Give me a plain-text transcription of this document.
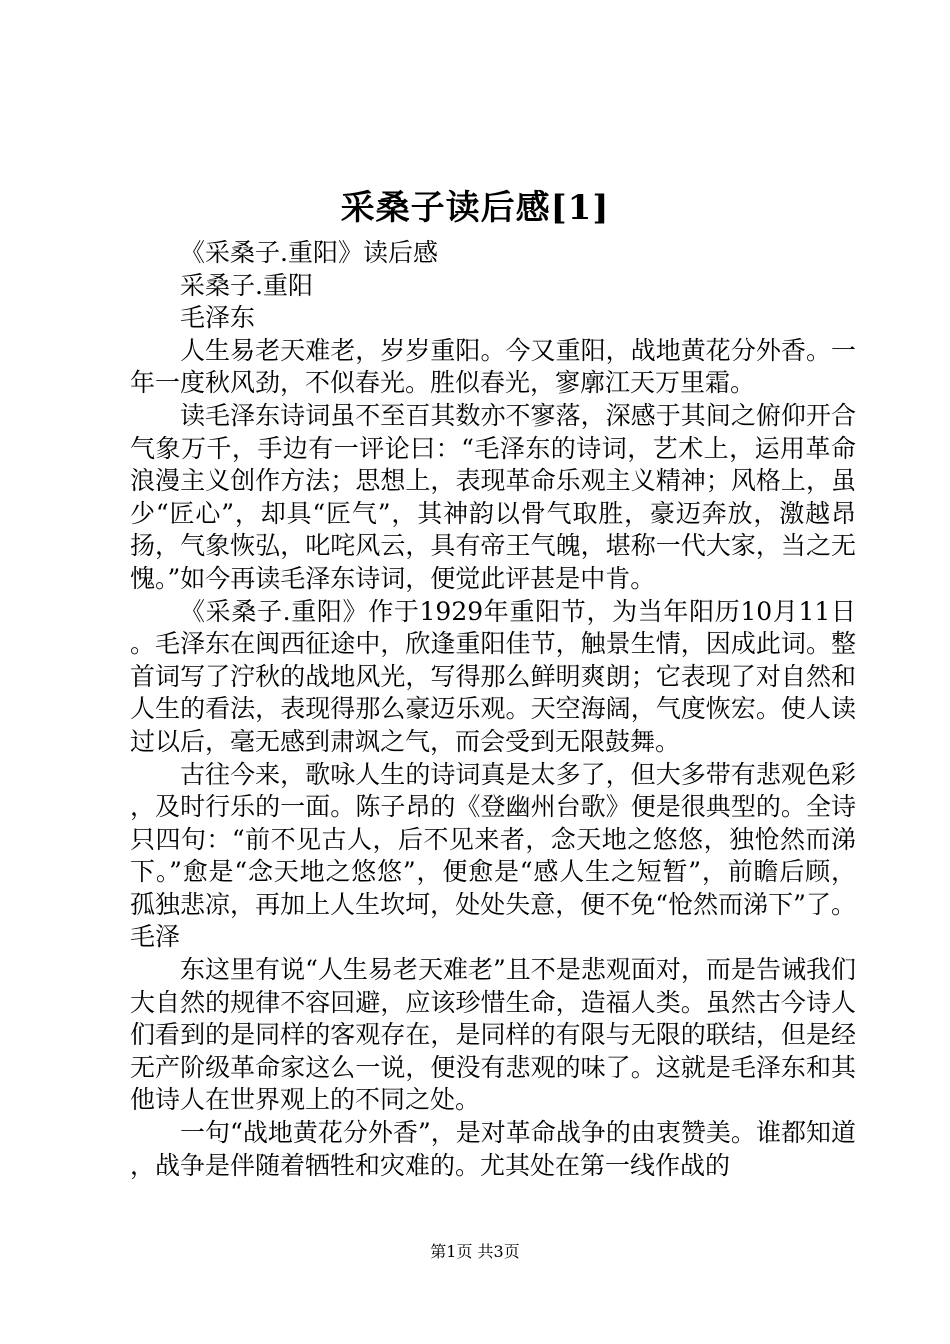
采桑子读后感[1]

《采桑子.重阳》读后感

采桑子.重阳

毛泽东

人生易老天难老，岁岁重阳。今又重阳，战地黄花分外香。一年一度秋风劲，不似春光。胜似春光，寥廓江天万里霜。

读毛泽东诗词虽不至百其数亦不寥落，深感于其间之俯仰开合气象万千，手边有一评论曰：“毛泽东的诗词，艺术上，运用革命浪漫主义创作方法；思想上，表现革命乐观主义精神；风格上，虽少“匠心”，却具“匠气”，其神韵以骨气取胜，豪迈奔放，激越昂扬，气象恢弘，叱咤风云，具有帝王气魄，堪称一代大家，当之无愧。”如今再读毛泽东诗词，便觉此评甚是中肯。

《采桑子.重阳》作于1929年重阳节，为当年阳历10月11日。毛泽东在闽西征途中，欣逢重阳佳节，触景生情，因成此词。整首词写了泞秋的战地风光，写得那么鲜明爽朗；它表现了对自然和人生的看法，表现得那么豪迈乐观。天空海阔，气度恢宏。使人读过以后，毫无感到肃飒之气，而会受到无限鼓舞。

古往今来，歌咏人生的诗词真是太多了，但大多带有悲观色彩，及时行乐的一面。陈子昂的《登幽州台歌》便是很典型的。全诗只四句：“前不见古人，后不见来者，念天地之悠悠，独怆然而涕下。”愈是“念天地之悠悠”，便愈是“感人生之短暂”，前瞻后顾，孤独悲凉，再加上人生坎坷，处处失意，便不免“怆然而涕下”了。毛泽

东这里有说“人生易老天难老”且不是悲观面对，而是告诫我们大自然的规律不容回避，应该珍惜生命，造福人类。虽然古今诗人们看到的是同样的客观存在，是同样的有限与无限的联结，但是经无产阶级革命家这么一说，便没有悲观的味了。这就是毛泽东和其他诗人在世界观上的不同之处。

一句“战地黄花分外香”，是对革命战争的由衷赞美。谁都知道，战争是伴随着牺牲和灾难的。尤其处在第一线作战的

第1页 共3页
